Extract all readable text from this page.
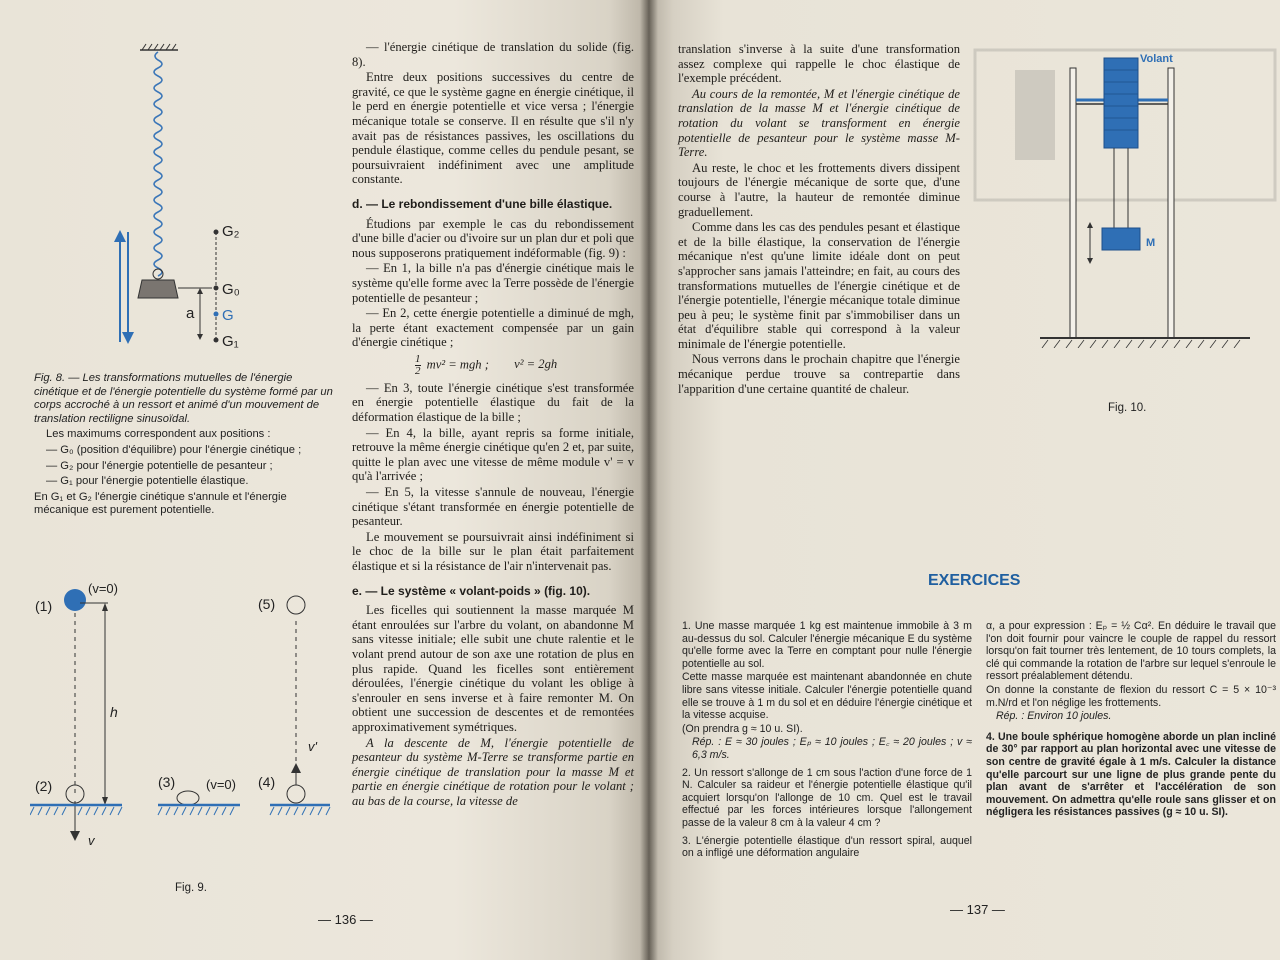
G₂
G₀
G
G₁
a

Fig. 8. — Les transformations mutuelles de l'énergie cinétique et de l'énergie potentielle du système formé par un corps accroché à un ressort et animé d'un mouvement de translation rectiligne sinusoïdal.

Les maximums correspondent aux positions :

— G₀ (position d'équilibre) pour l'énergie cinétique ;

— G₂ pour l'énergie potentielle de pesanteur ;

— G₁ pour l'énergie potentielle élastique.

En G₁ et G₂ l'énergie cinétique s'annule et l'énergie mécanique est purement potentielle.

(1)
(v=0)
h
(2)
v
(3) (v=0) (4)
v'
(5)
Fig. 9.

— l'énergie cinétique de translation du solide (fig. 8).

Entre deux positions successives du centre de gravité, ce que le système gagne en énergie cinétique, il le perd en énergie potentielle et vice versa ; l'énergie mécanique totale se conserve. Il en résulte que s'il n'y avait pas de résistances passives, les oscillations du pendule élastique, comme celles du pendule pesant, se poursuivraient indéfiniment avec une amplitude constante.

d. — Le rebondissement d'une bille élastique.

Étudions par exemple le cas du rebondissement d'une bille d'acier ou d'ivoire sur un plan dur et poli que nous supposerons pratiquement indéformable (fig. 9) :

— En 1, la bille n'a pas d'énergie cinétique mais le système qu'elle forme avec la Terre possède de l'énergie potentielle de pesanteur ;

— En 2, cette énergie potentielle a diminué de mgh, la perte étant exactement compensée par un gain d'énergie cinétique ;

$\frac{1}{2} mv^2$ = mgh ; v² = 2gh

— En 3, toute l'énergie cinétique s'est transformée en énergie potentielle élastique du fait de la déformation élastique de la bille ;

— En 4, la bille, ayant repris sa forme initiale, retrouve la même énergie cinétique qu'en 2 et, par suite, quitte le plan avec une vitesse de même module v' = v qu'à l'arrivée ;

— En 5, la vitesse s'annule de nouveau, l'énergie cinétique s'étant transformée en énergie potentielle de pesanteur.

Le mouvement se poursuivrait ainsi indéfiniment si le choc de la bille sur le plan était parfaitement élastique et si la résistance de l'air n'intervenait pas.

e. — Le système « volant-poids » (fig. 10).

Les ficelles qui soutiennent la masse marquée M étant enroulées sur l'arbre du volant, on abandonne M sans vitesse initiale; elle subit une chute ralentie et le volant prend autour de son axe une rotation de plus en plus rapide. Quand les ficelles sont entièrement déroulées, l'énergie cinétique du volant les oblige à s'enrouler en sens inverse et à faire remonter M. On obtient une succession de descentes et de remontées approximativement symétriques.

A la descente de M, l'énergie potentielle de pesanteur du système M-Terre se transforme partie en énergie cinétique de translation pour la masse M et partie en énergie cinétique de rotation pour le volant ; au bas de la course, la vitesse de

— 136 —

translation s'inverse à la suite d'une transformation assez complexe qui rappelle le choc élastique de l'exemple précédent.

Au cours de la remontée, M et l'énergie cinétique de translation de la masse M et l'énergie cinétique de rotation du volant se transforment en énergie potentielle de pesanteur pour le système masse M-Terre.

Au reste, le choc et les frottements divers dissipent toujours de l'énergie mécanique de sorte que, d'une course à l'autre, la hauteur de remontée diminue graduellement.

Comme dans les cas des pendules pesant et élastique et de la bille élastique, la conservation de l'énergie mécanique n'est qu'une limite idéale dont on peut s'approcher sans jamais l'atteindre; en fait, au cours des transformations mutuelles de l'énergie cinétique et de l'énergie potentielle, l'énergie mécanique totale diminue peu à peu; le système finit par s'immobiliser dans un état d'équilibre stable qui correspond à la valeur minimale de l'énergie potentielle.

Nous verrons dans le prochain chapitre que l'énergie mécanique perdue trouve sa contrepartie dans l'apparition d'une certaine quantité de chaleur.

Volant
M
Fig. 10.
EXERCICES

1. Une masse marquée 1 kg est maintenue immobile à 3 m au-dessus du sol. Calculer l'énergie mécanique E du système qu'elle forme avec la Terre en comptant pour nulle l'énergie potentielle au sol.

Cette masse marquée est maintenant abandonnée en chute libre sans vitesse initiale. Calculer l'énergie potentielle quand elle se trouve à 1 m du sol et en déduire l'énergie cinétique et la vitesse acquise.

(On prendra g ≈ 10 u. SI).

Rép. : E ≈ 30 joules ; Eₚ ≈ 10 joules ; E꜀ ≈ 20 joules ; v ≈ 6,3 m/s.

2. Un ressort s'allonge de 1 cm sous l'action d'une force de 1 N. Calculer sa raideur et l'énergie potentielle élastique qu'il acquiert lorsqu'on l'allonge de 10 cm. Quel est le travail effectué par les forces intérieures lorsque l'allongement passe de la valeur 8 cm à la valeur 4 cm ?

3. L'énergie potentielle élastique d'un ressort spiral, auquel on a infligé une déformation angulaire

α, a pour expression : Eₚ = ½ Cα². En déduire le travail que l'on doit fournir pour vaincre le couple de rappel du ressort lorsqu'on fait tourner très lentement, de 10 tours complets, la clé qui commande la rotation de l'arbre sur lequel s'enroule le ressort préalablement détendu.

On donne la constante de flexion du ressort C = 5 × 10⁻³ m.N/rd et l'on néglige les frottements.

Rép. : Environ 10 joules.

4. Une boule sphérique homogène aborde un plan incliné de 30° par rapport au plan horizontal avec une vitesse de son centre de gravité égale à 1 m/s. Calculer la distance qu'elle parcourt sur une ligne de plus grande pente du plan avant de s'arrêter et l'accélération de son mouvement. On admettra qu'elle roule sans glisser et on négligera les résistances passives (g ≈ 10 u. SI).

— 137 —
